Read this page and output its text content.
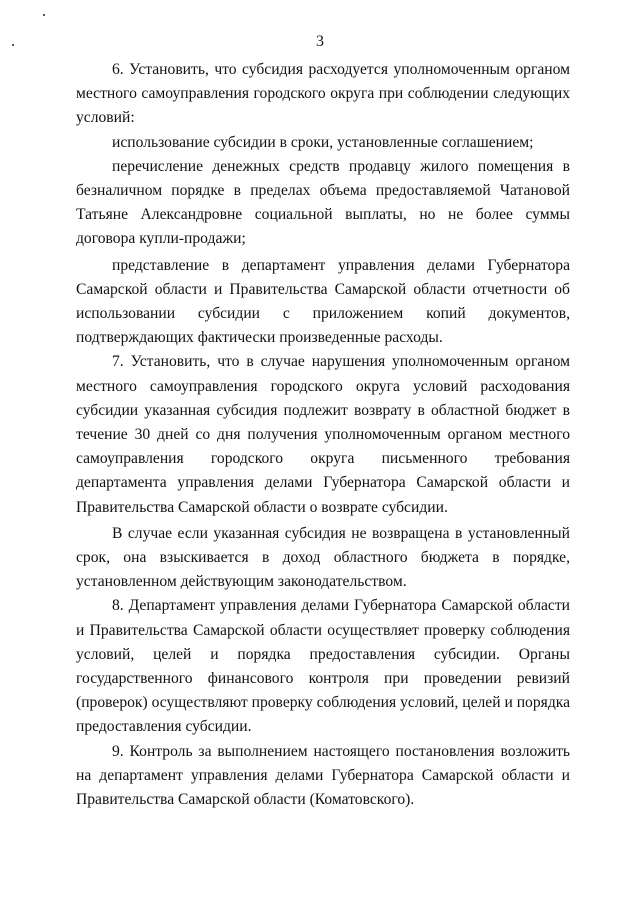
3

6. Установить, что субсидия расходуется уполномоченным органом местного самоуправления городского округа при соблюдении следующих условий:

использование субсидии в сроки, установленные соглашением;

перечисление денежных средств продавцу жилого помещения в безналичном порядке в пределах объема предоставляемой Чатановой Татьяне Александровне социальной выплаты, но не более суммы договора купли-продажи;

представление в департамент управления делами Губернатора Самарской области и Правительства Самарской области отчетности об использовании субсидии с приложением копий документов, подтверждающих фактически произведенные расходы.

7. Установить, что в случае нарушения уполномоченным органом местного самоуправления городского округа условий расходования субсидии указанная субсидия подлежит возврату в областной бюджет в течение 30 дней со дня получения уполномоченным органом местного самоуправления городского округа письменного требования департамента управления делами Губернатора Самарской области и Правительства Самарской области о возврате субсидии.

В случае если указанная субсидия не возвращена в установленный срок, она взыскивается в доход областного бюджета в порядке, установленном действующим законодательством.

8. Департамент управления делами Губернатора Самарской области и Правительства Самарской области осуществляет проверку соблюдения условий, целей и порядка предоставления субсидии. Органы государственного финансового контроля при проведении ревизий (проверок) осуществляют проверку соблюдения условий, целей и порядка предоставления субсидии.

9. Контроль за выполнением настоящего постановления возложить на департамент управления делами Губернатора Самарской области и Правительства Самарской области (Коматовского).
